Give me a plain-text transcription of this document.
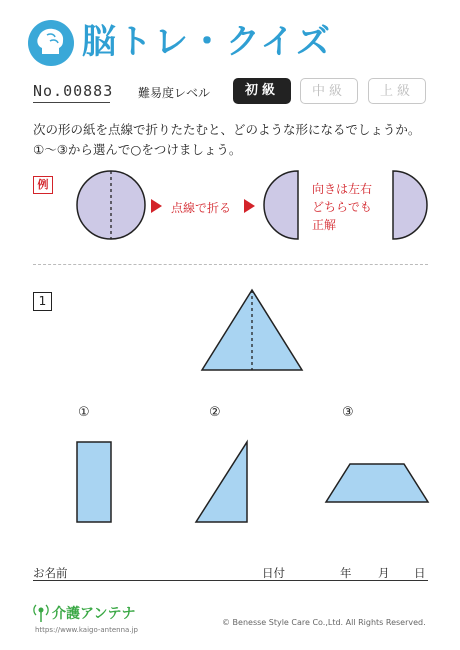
脳トレ・クイズ
No.00883 難易度レベル	初級	中級	上級
次の形の紙を点線で折りたたむと、どのような形になるでしょうか。
①～③から選んで○をつけましょう。
例
点線で折る
向きは左右
どちらでも
正解
1
①	②	③
お名前	日付	年 月 日
介護アンテナ
https://www.kaigo-antenna.jp
© Benesse Style Care Co.,Ltd. All Rights Reserved.
